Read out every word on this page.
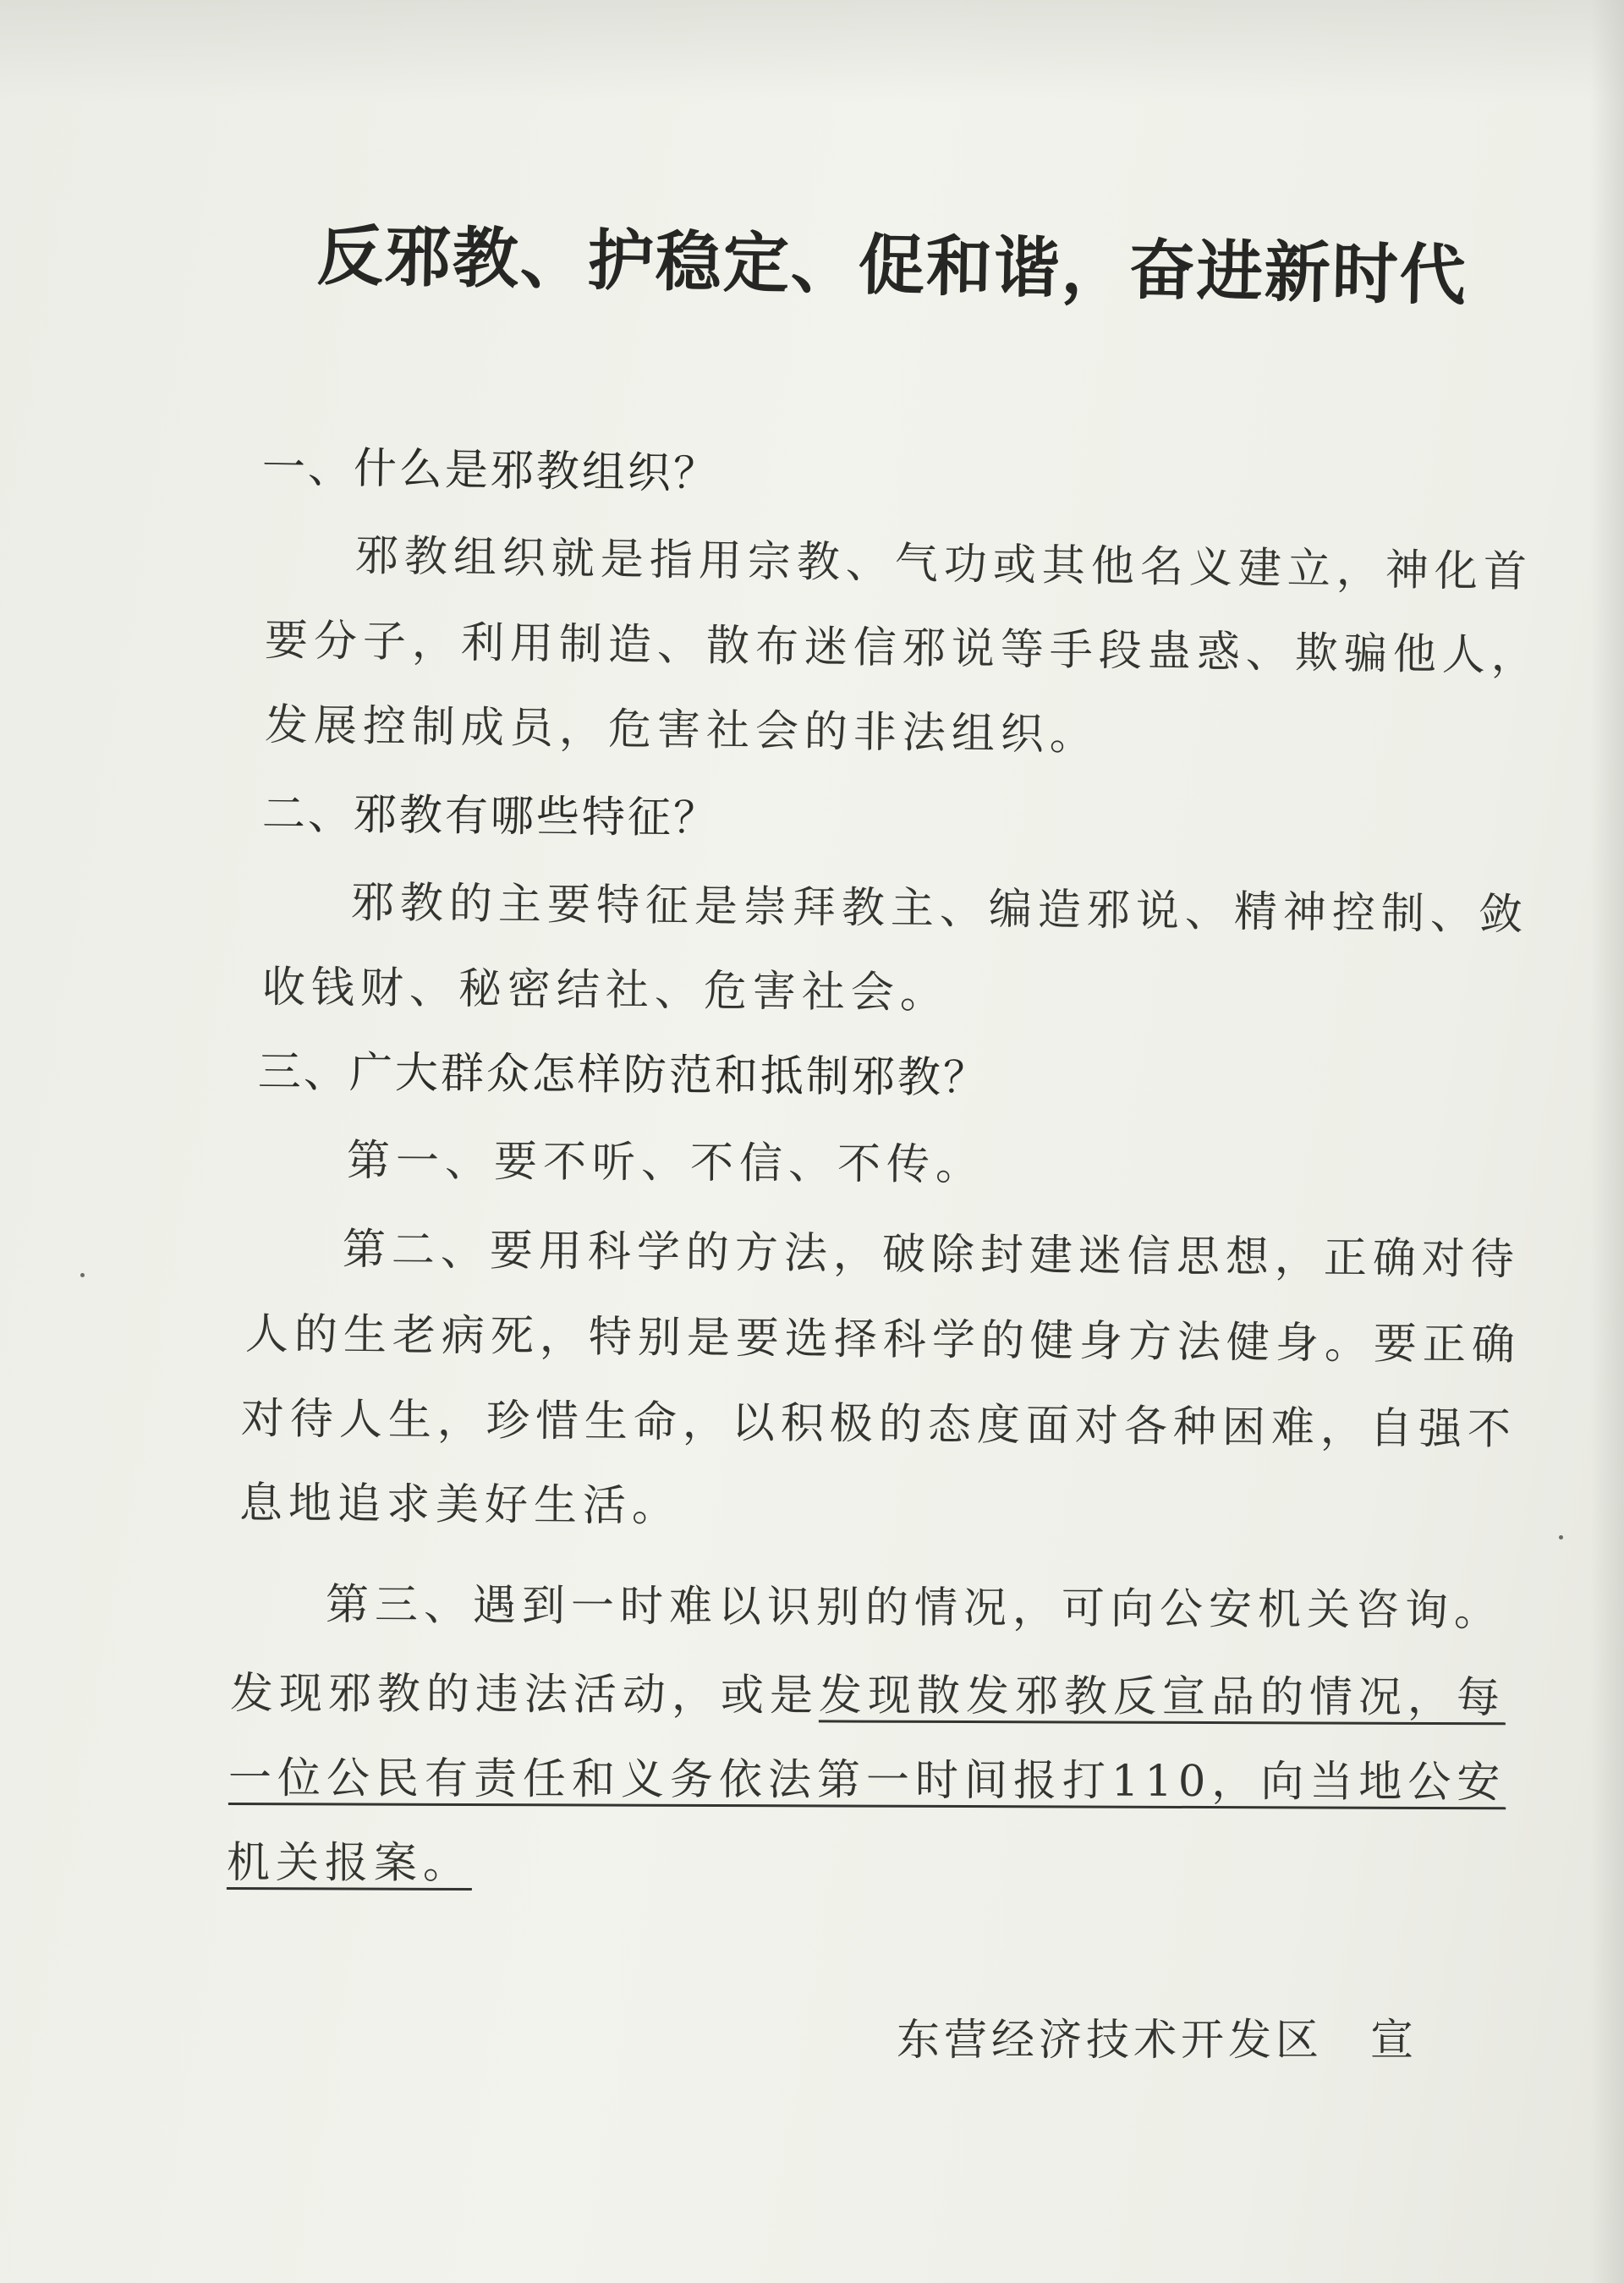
反邪教、护稳定、促和谐，奋进新时代
一、什么是邪教组织？
邪教组织就是指用宗教、气功或其他名义建立，神化首
要分子，利用制造、散布迷信邪说等手段蛊惑、欺骗他人，
发展控制成员，危害社会的非法组织。
二、邪教有哪些特征？
邪教的主要特征是崇拜教主、编造邪说、精神控制、敛
收钱财、秘密结社、危害社会。
三、广大群众怎样防范和抵制邪教？
第一、要不听、不信、不传。
第二、要用科学的方法，破除封建迷信思想，正确对待
人的生老病死，特别是要选择科学的健身方法健身。要正确
对待人生，珍惜生命，以积极的态度面对各种困难，自强不
息地追求美好生活。
第三、遇到一时难以识别的情况，可向公安机关咨询。
发现邪教的违法活动，或是发现散发邪教反宣品的情况，每
一位公民有责任和义务依法第一时间报打110，向当地公安
机关报案。
东营经济技术开发区　宣
